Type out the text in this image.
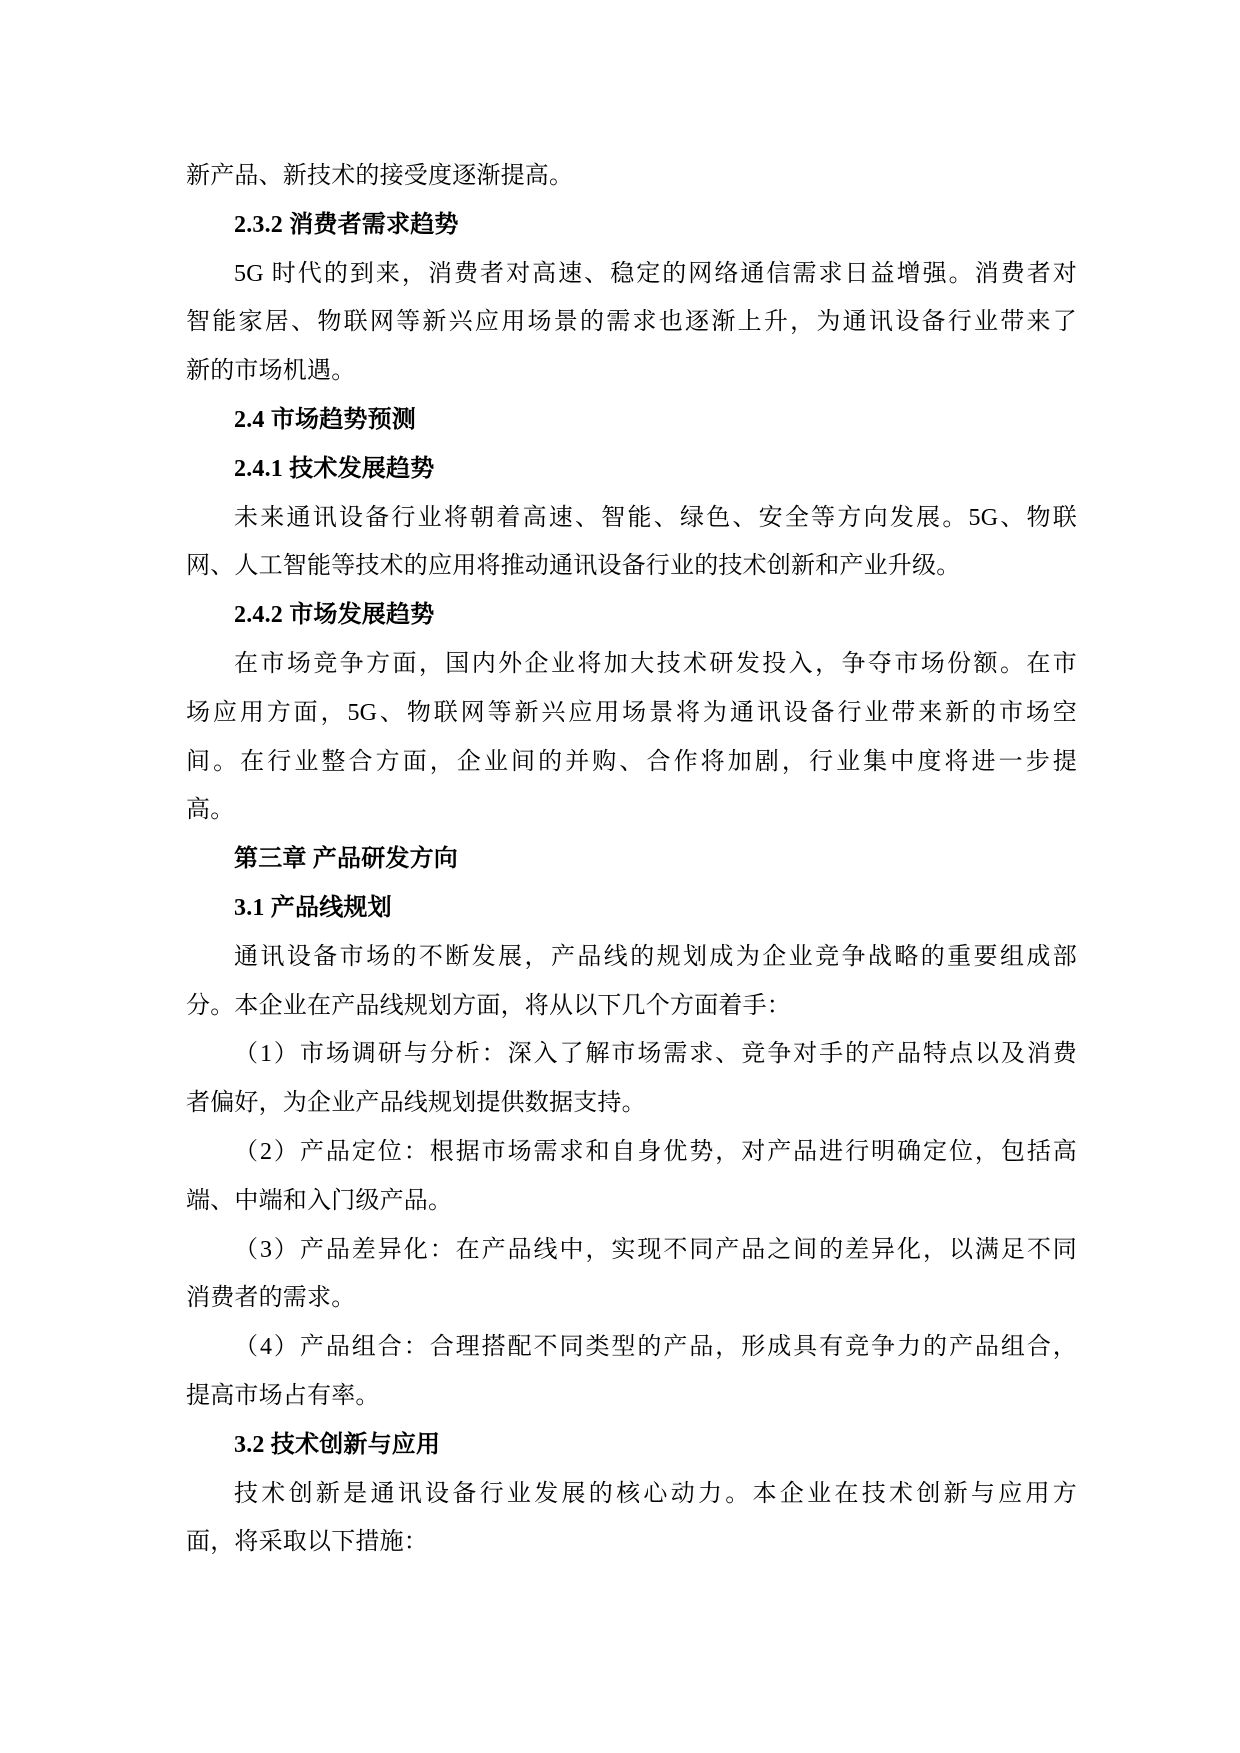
新产品、新技术的接受度逐渐提高。
2.3.2 消费者需求趋势
5G 时代的到来，消费者对高速、稳定的网络通信需求日益增强。消费者对
智能家居、物联网等新兴应用场景的需求也逐渐上升，为通讯设备行业带来了
新的市场机遇。
2.4 市场趋势预测
2.4.1 技术发展趋势
未来通讯设备行业将朝着高速、智能、绿色、安全等方向发展。5G、物联
网、人工智能等技术的应用将推动通讯设备行业的技术创新和产业升级。
2.4.2 市场发展趋势
在市场竞争方面，国内外企业将加大技术研发投入，争夺市场份额。在市
场应用方面，5G、物联网等新兴应用场景将为通讯设备行业带来新的市场空
间。在行业整合方面，企业间的并购、合作将加剧，行业集中度将进一步提
高。
第三章 产品研发方向
3.1 产品线规划
通讯设备市场的不断发展，产品线的规划成为企业竞争战略的重要组成部
分。本企业在产品线规划方面，将从以下几个方面着手：
（1）市场调研与分析：深入了解市场需求、竞争对手的产品特点以及消费
者偏好，为企业产品线规划提供数据支持。
（2）产品定位：根据市场需求和自身优势，对产品进行明确定位，包括高
端、中端和入门级产品。
（3）产品差异化：在产品线中，实现不同产品之间的差异化，以满足不同
消费者的需求。
（4）产品组合：合理搭配不同类型的产品，形成具有竞争力的产品组合，
提高市场占有率。
3.2 技术创新与应用
技术创新是通讯设备行业发展的核心动力。本企业在技术创新与应用方
面，将采取以下措施：
